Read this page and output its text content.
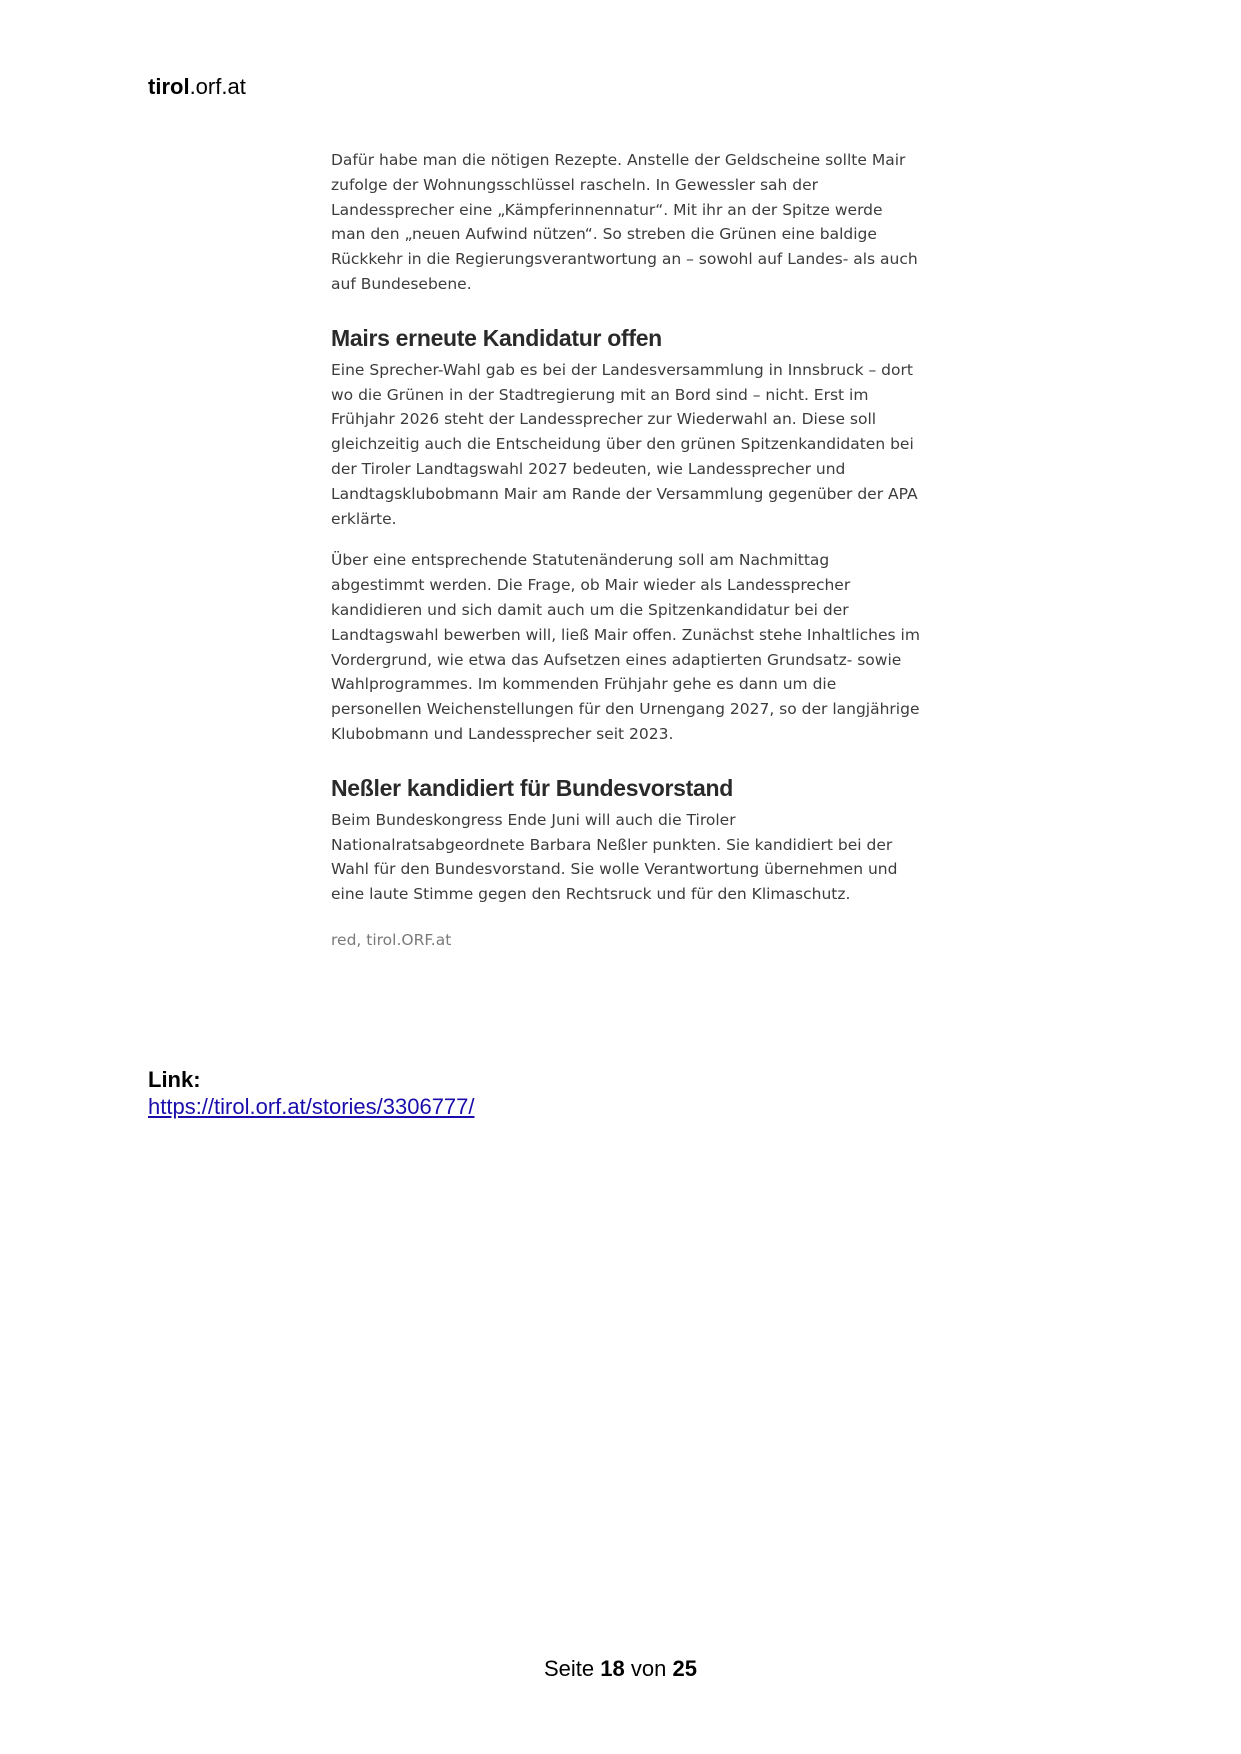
tirol.orf.at

Dafür habe man die nötigen Rezepte. Anstelle der Geldscheine sollte Mair zufolge der Wohnungsschlüssel rascheln. In Gewessler sah der Landessprecher eine „Kämpferinnennatur“. Mit ihr an der Spitze werde man den „neuen Aufwind nützen“. So streben die Grünen eine baldige Rückkehr in die Regierungsverantwortung an – sowohl auf Landes- als auch auf Bundesebene.

Mairs erneute Kandidatur offen

Eine Sprecher-Wahl gab es bei der Landesversammlung in Innsbruck – dort wo die Grünen in der Stadtregierung mit an Bord sind – nicht. Erst im Frühjahr 2026 steht der Landessprecher zur Wiederwahl an. Diese soll gleichzeitig auch die Entscheidung über den grünen Spitzenkandidaten bei der Tiroler Landtagswahl 2027 bedeuten, wie Landessprecher und Landtagsklubobmann Mair am Rande der Versammlung gegenüber der APA erklärte.

Über eine entsprechende Statutenänderung soll am Nachmittag abgestimmt werden. Die Frage, ob Mair wieder als Landessprecher kandidieren und sich damit auch um die Spitzenkandidatur bei der Landtagswahl bewerben will, ließ Mair offen. Zunächst stehe Inhaltliches im Vordergrund, wie etwa das Aufsetzen eines adaptierten Grundsatz- sowie Wahlprogrammes. Im kommenden Frühjahr gehe es dann um die personellen Weichenstellungen für den Urnengang 2027, so der langjährige Klubobmann und Landessprecher seit 2023.

Neßler kandidiert für Bundesvorstand

Beim Bundeskongress Ende Juni will auch die Tiroler Nationalratsabgeordnete Barbara Neßler punkten. Sie kandidiert bei der Wahl für den Bundesvorstand. Sie wolle Verantwortung übernehmen und eine laute Stimme gegen den Rechtsruck und für den Klimaschutz.

red, tirol.ORF.at

Link:
https://tirol.orf.at/stories/3306777/
Seite 18 von 25
